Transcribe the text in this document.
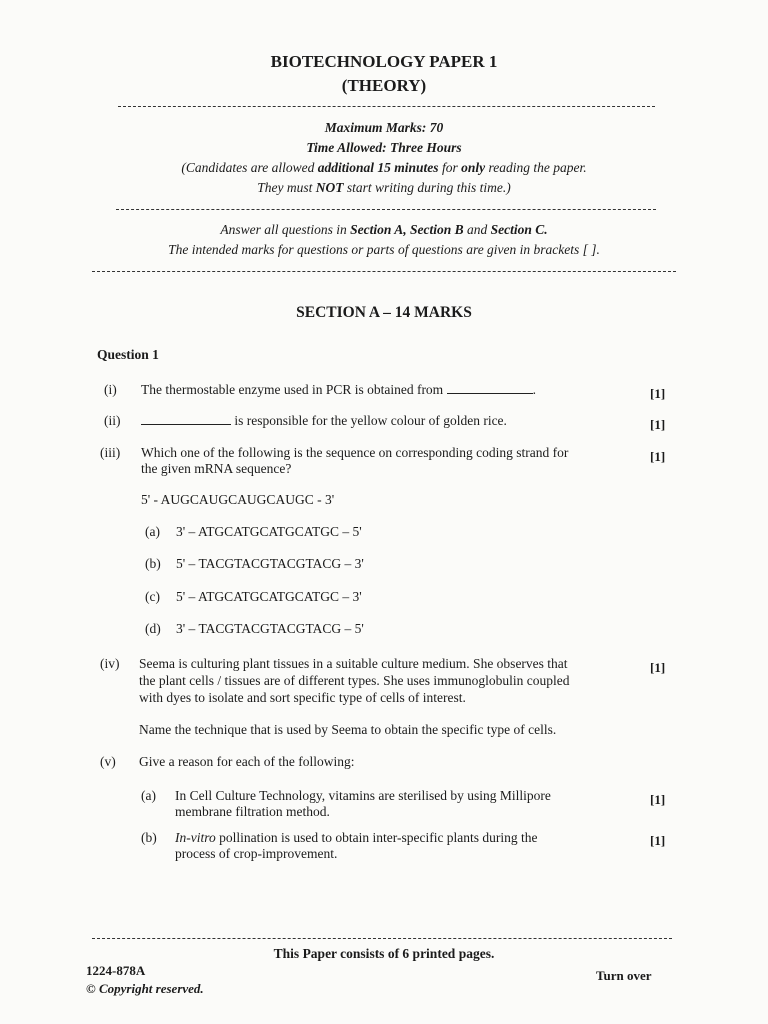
BIOTECHNOLOGY PAPER 1
(THEORY)
Maximum Marks: 70
Time Allowed: Three Hours
(Candidates are allowed additional 15 minutes for only reading the paper.
They must NOT start writing during this time.)
Answer all questions in Section A, Section B and Section C.
The intended marks for questions or parts of questions are given in brackets [ ].
SECTION A – 14 MARKS
Question 1
(i) The thermostable enzyme used in PCR is obtained from	.	[1]
(ii)	is responsible for the yellow colour of golden rice.	[1]
(iii) Which one of the following is the sequence on corresponding coding strand for
the given mRNA sequence?
[1]
5' - AUGCAUGCAUGCAUGC - 3'
(a) 3' – ATGCATGCATGCATGC – 5'
(b) 5' – TACGTACGTACGTACG – 3'
(c) 5' – ATGCATGCATGCATGC – 3'
(d) 3' – TACGTACGTACGTACG – 5'
(iv) Seema is culturing plant tissues in a suitable culture medium. She observes that
the plant cells / tissues are of different types. She uses immunoglobulin coupled
with dyes to isolate and sort specific type of cells of interest.
Name the technique that is used by Seema to obtain the specific type of cells.
[1]
(v) Give a reason for each of the following:
(a) In Cell Culture Technology, vitamins are sterilised by using Millipore
membrane filtration method.
[1]
(b) In-vitro pollination is used to obtain inter-specific plants during the
process of crop-improvement.
[1]
This Paper consists of 6 printed pages.
1224-878A
© Copyright reserved.
Turn over
